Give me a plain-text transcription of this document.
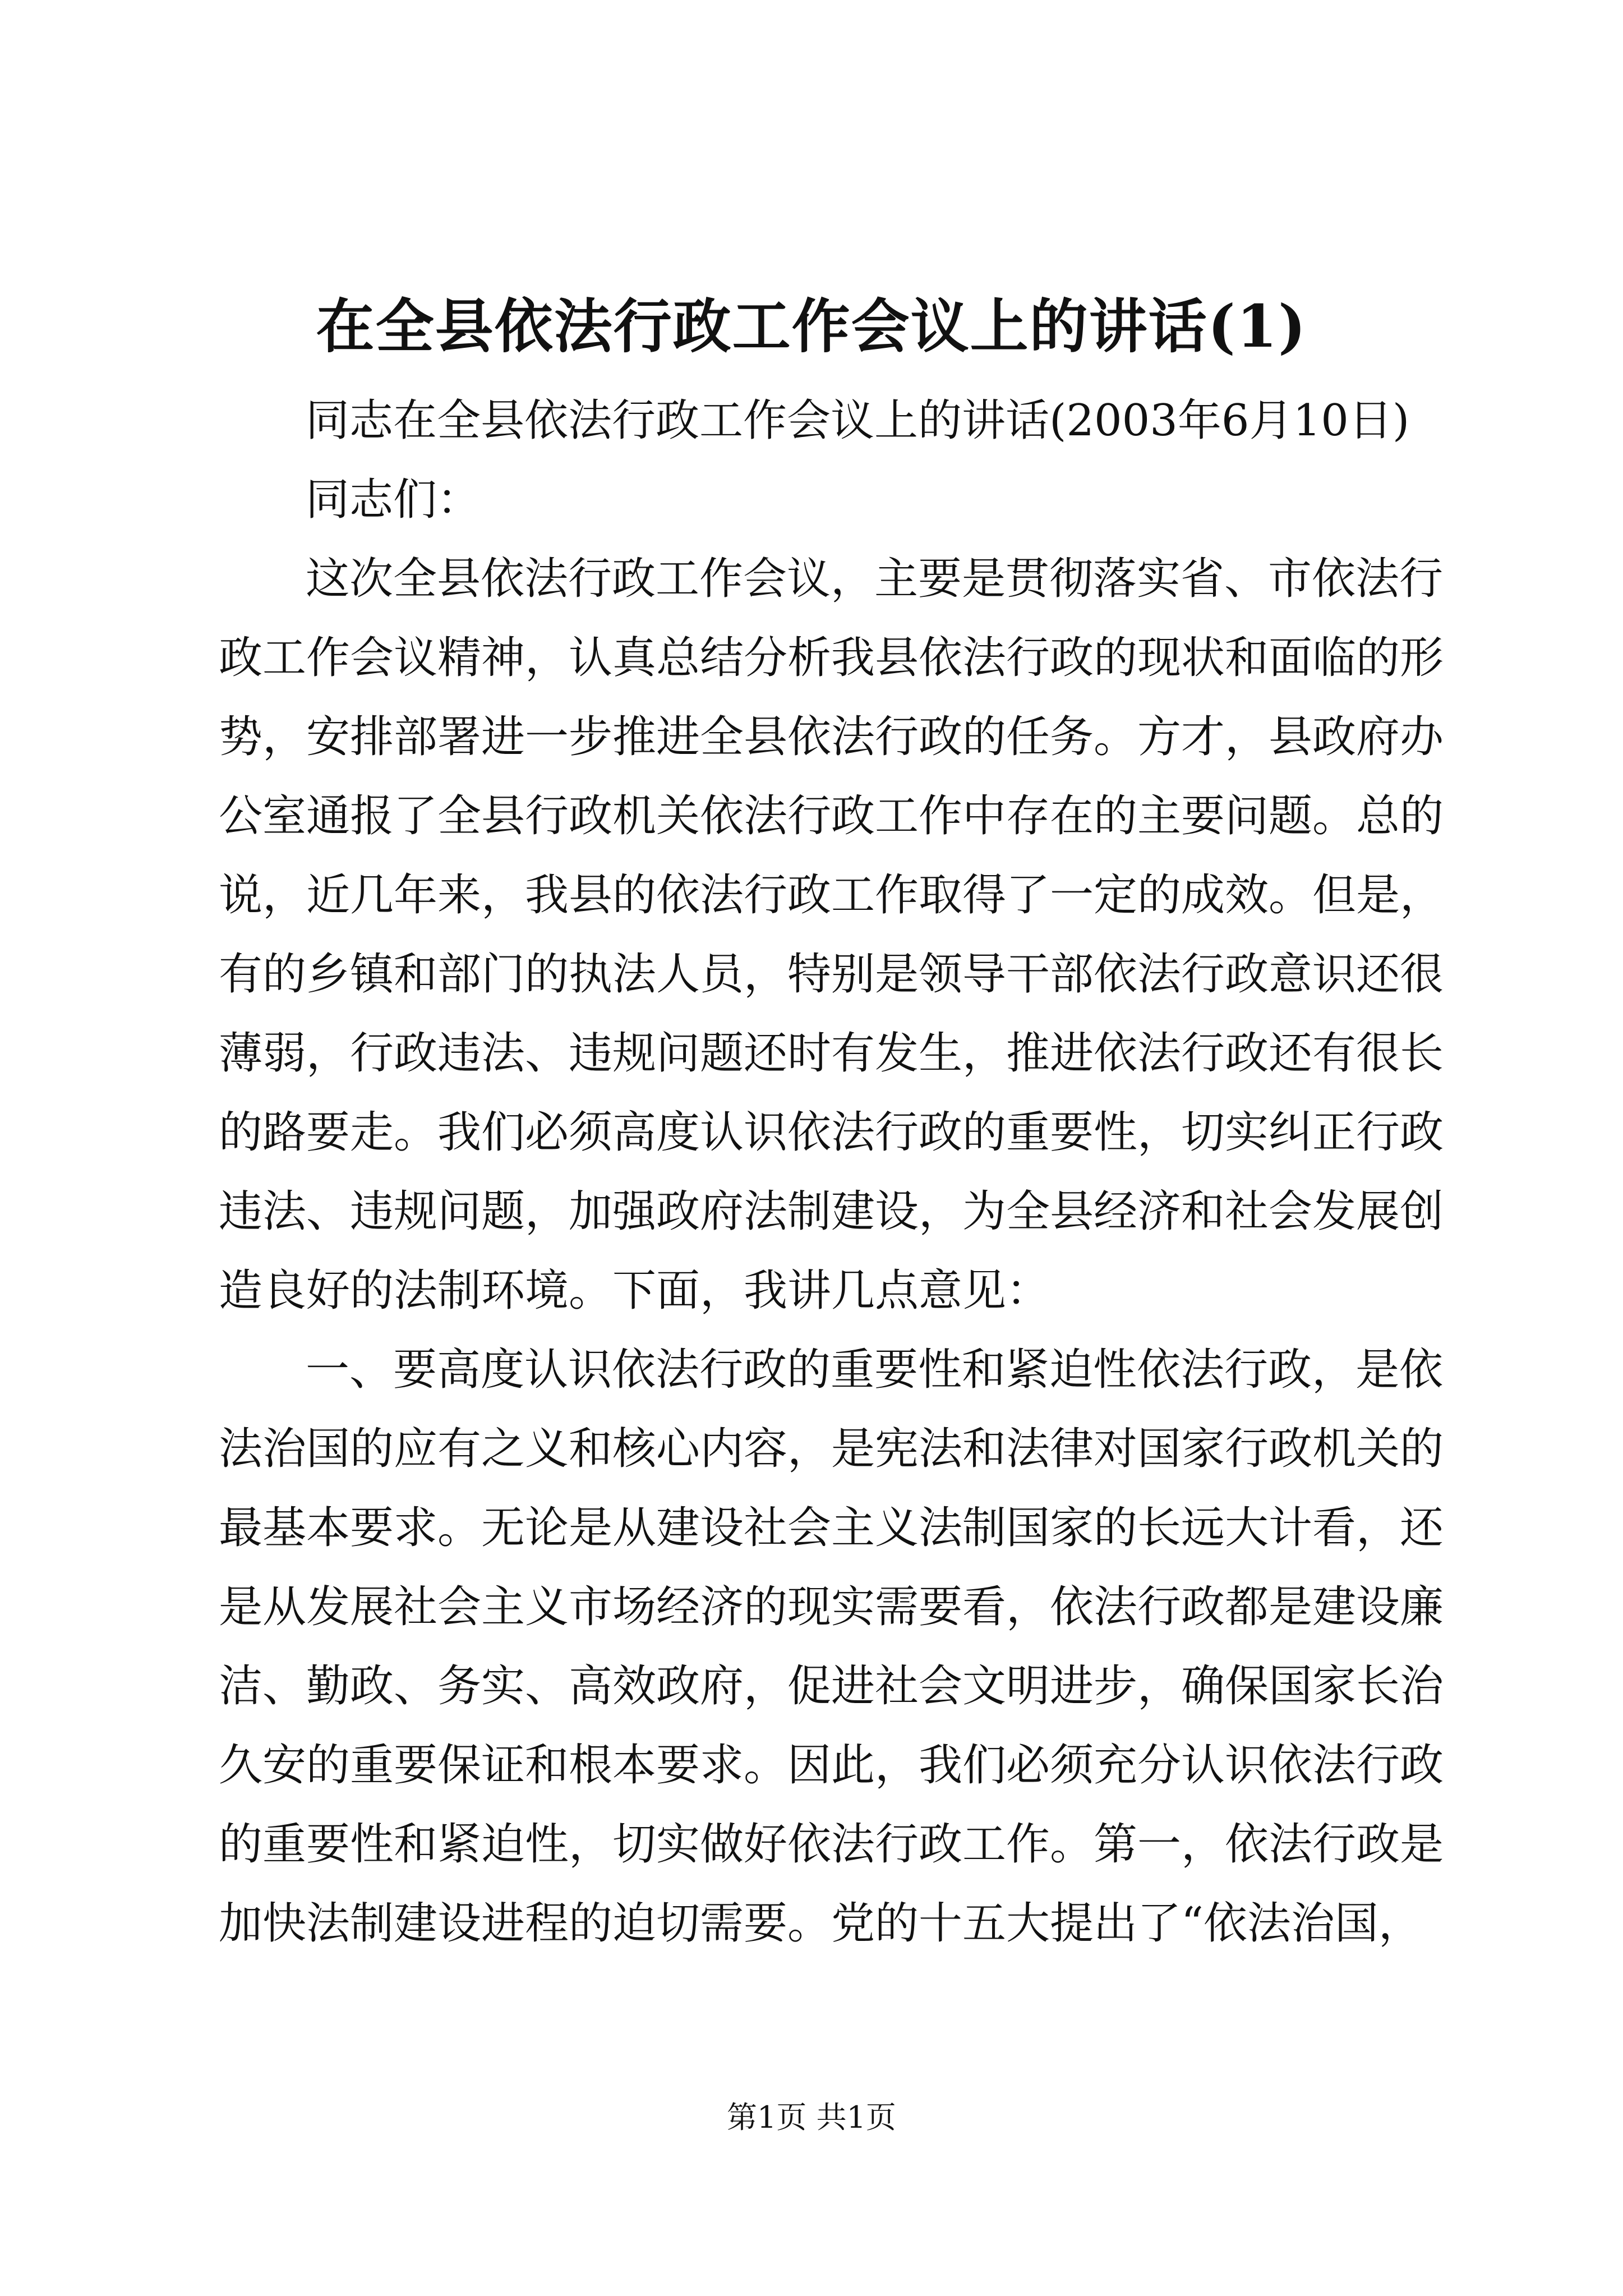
在全县依法行政工作会议上的讲话(1)
同志在全县依法行政工作会议上的讲话(2003年6月10日)
同志们：
这次全县依法行政工作会议，主要是贯彻落实省、市依法行
政工作会议精神，认真总结分析我县依法行政的现状和面临的形
势，安排部署进一步推进全县依法行政的任务。方才，县政府办
公室通报了全县行政机关依法行政工作中存在的主要问题。总的
说，近几年来，我县的依法行政工作取得了一定的成效。但是，
有的乡镇和部门的执法人员，特别是领导干部依法行政意识还很
薄弱，行政违法、违规问题还时有发生，推进依法行政还有很长
的路要走。我们必须高度认识依法行政的重要性，切实纠正行政
违法、违规问题，加强政府法制建设，为全县经济和社会发展创
造良好的法制环境。下面，我讲几点意见：
一、要高度认识依法行政的重要性和紧迫性依法行政，是依
法治国的应有之义和核心内容，是宪法和法律对国家行政机关的
最基本要求。无论是从建设社会主义法制国家的长远大计看，还
是从发展社会主义市场经济的现实需要看，依法行政都是建设廉
洁、勤政、务实、高效政府，促进社会文明进步，确保国家长治
久安的重要保证和根本要求。因此，我们必须充分认识依法行政
的重要性和紧迫性，切实做好依法行政工作。第一，依法行政是
加快法制建设进程的迫切需要。党的十五大提出了“依法治国，
第1页 共1页
